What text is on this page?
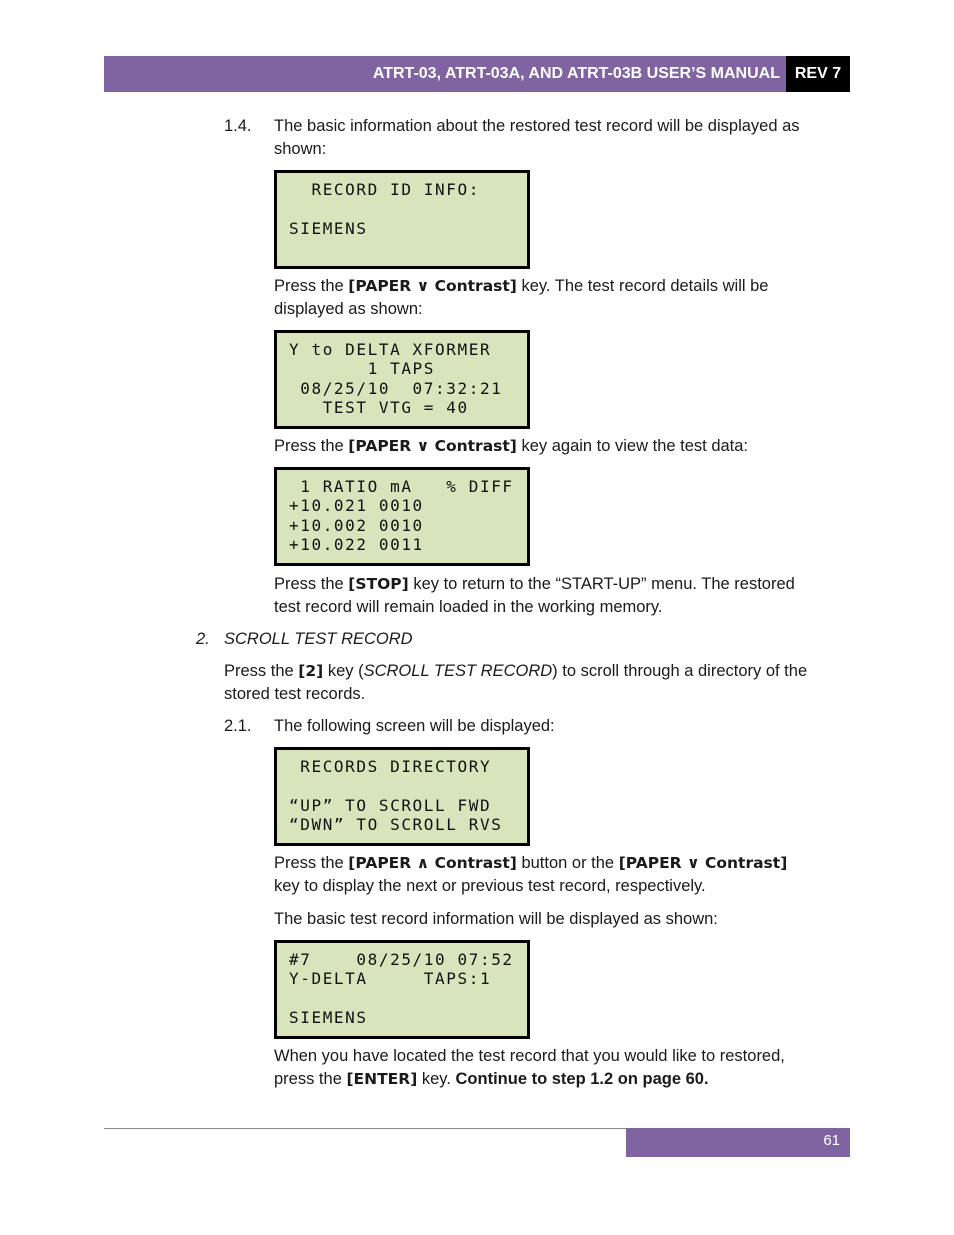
ATRT-03, ATRT-03A, AND ATRT-03B USER’S MANUAL REV 7
1.4. The basic information about the restored test record will be displayed as
shown:
RECORD ID INFO:
SIEMENS
Press the [PAPER ∨ Contrast] key. The test record details will be
displayed as shown:
Y to DELTA XFORMER
1 TAPS
08/25/10  07:32:21
TEST VTG = 40
Press the [PAPER ∨ Contrast] key again to view the test data:
1 RATIO mA   % DIFF
+10.021 0010
+10.002 0010
+10.022 0011
Press the [STOP] key to return to the “START-UP” menu. The restored
test record will remain loaded in the working memory.
2. SCROLL TEST RECORD
Press the [2] key (SCROLL TEST RECORD) to scroll through a directory of the
stored test records.
2.1. The following screen will be displayed:
RECORDS DIRECTORY
“UP” TO SCROLL FWD
“DWN” TO SCROLL RVS
Press the [PAPER ∧ Contrast] button or the [PAPER ∨ Contrast]
key to display the next or previous test record, respectively.
The basic test record information will be displayed as shown:
#7    08/25/10 07:52
Y-DELTA     TAPS:1
SIEMENS
When you have located the test record that you would like to restored,
press the [ENTER] key. Continue to step 1.2 on page 60.
61
